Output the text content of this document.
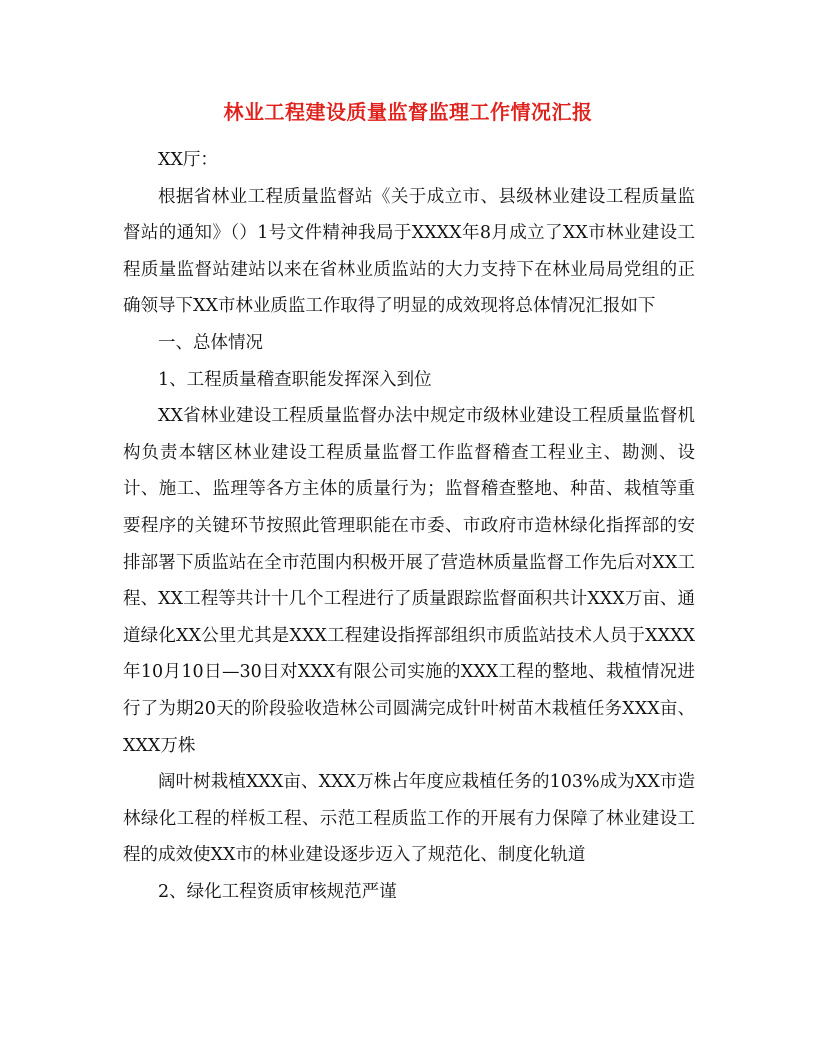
林业工程建设质量监督监理工作情况汇报

XX厅：

根据省林业工程质量监督站《关于成立市、县级林业建设工程质量监督站的通知》（）1号文件精神我局于XXXX年8月成立了XX市林业建设工程质量监督站建站以来在省林业质监站的大力支持下在林业局局党组的正确领导下XX市林业质监工作取得了明显的成效现将总体情况汇报如下

一、总体情况

1、工程质量稽查职能发挥深入到位

XX省林业建设工程质量监督办法中规定市级林业建设工程质量监督机构负责本辖区林业建设工程质量监督工作监督稽查工程业主、勘测、设计、施工、监理等各方主体的质量行为；监督稽查整地、种苗、栽植等重要程序的关键环节按照此管理职能在市委、市政府市造林绿化指挥部的安排部署下质监站在全市范围内积极开展了营造林质量监督工作先后对XX工程、XX工程等共计十几个工程进行了质量跟踪监督面积共计XXX万亩、通道绿化XX公里尤其是XXX工程建设指挥部组织市质监站技术人员于XXXX年10月10日—30日对XXX有限公司实施的XXX工程的整地、栽植情况进行了为期20天的阶段验收造林公司圆满完成针叶树苗木栽植任务XXX亩、XXX万株

阔叶树栽植XXX亩、XXX万株占年度应栽植任务的103%成为XX市造林绿化工程的样板工程、示范工程质监工作的开展有力保障了林业建设工程的成效使XX市的林业建设逐步迈入了规范化、制度化轨道

2、绿化工程资质审核规范严谨
